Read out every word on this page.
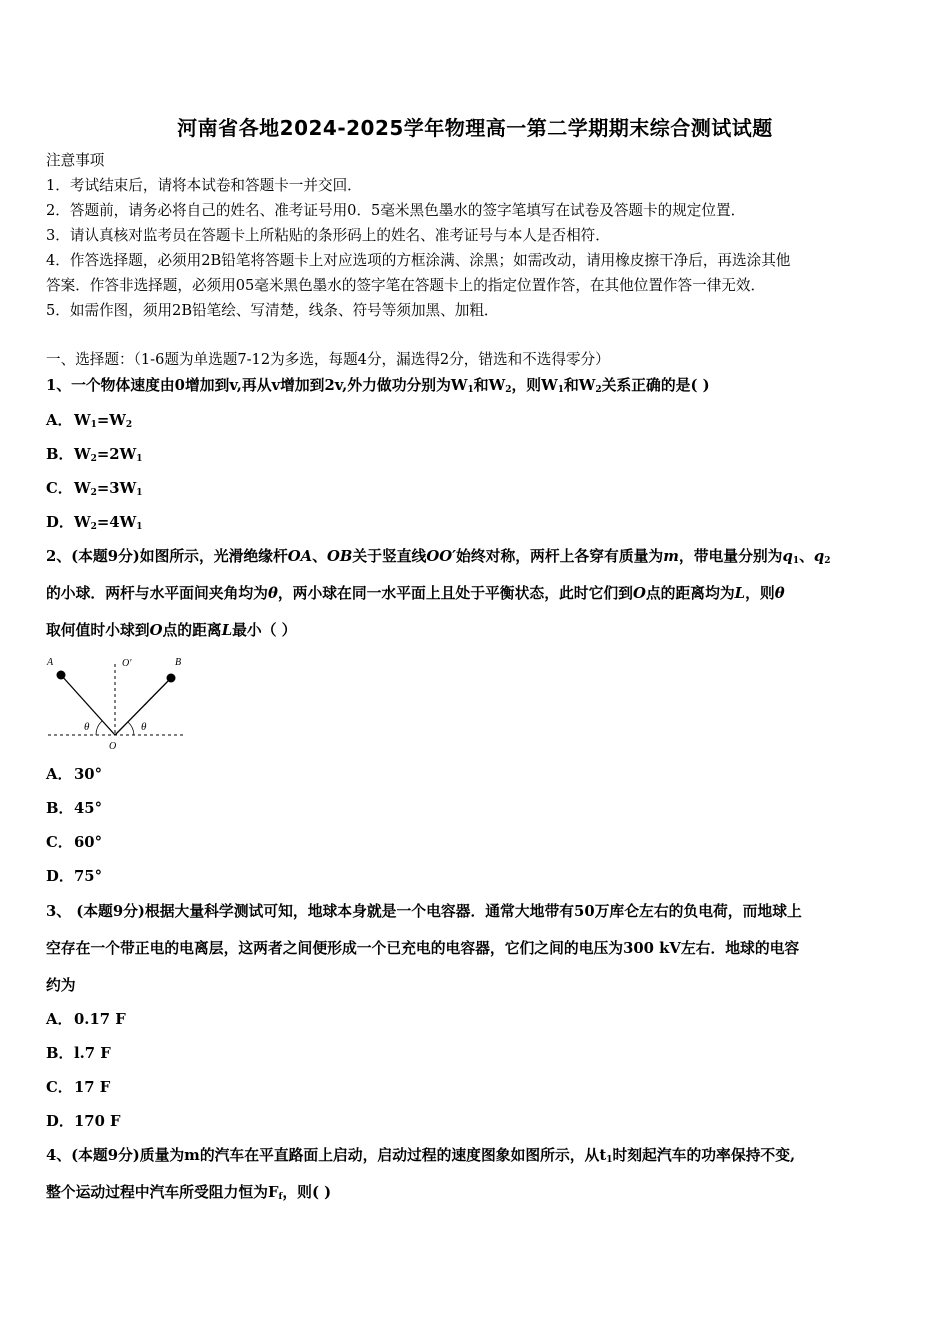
河南省各地2024-2025学年物理高一第二学期期末综合测试试题
注意事项
1．考试结束后，请将本试卷和答题卡一并交回．
2．答题前，请务必将自己的姓名、准考证号用0．5毫米黑色墨水的签字笔填写在试卷及答题卡的规定位置．
3．请认真核对监考员在答题卡上所粘贴的条形码上的姓名、准考证号与本人是否相符．
4．作答选择题，必须用2B铅笔将答题卡上对应选项的方框涂满、涂黑；如需改动，请用橡皮擦干净后，再选涂其他
答案．作答非选择题，必须用05毫米黑色墨水的签字笔在答题卡上的指定位置作答，在其他位置作答一律无效．
5．如需作图，须用2B铅笔绘、写清楚，线条、符号等须加黑、加粗．
一、选择题：（1-6题为单选题7-12为多选，每题4分，漏选得2分，错选和不选得零分）
1、一个物体速度由0增加到v,再从v增加到2v,外力做功分别为$W_1$和$W_2$，则$W_1$和$W_2$关系正确的是( )
A． $W_1=W_2$
B．$W_2=2W_1$
C．$W_2=3W_1$
D．$W_2=4W_1$
2、(本题9分)如图所示，光滑绝缘杆OA、OB关于竖直线OO′始终对称，两杆上各穿有质量为m，带电量分别为$q_1$、$q_2$
的小球．两杆与水平面间夹角均为θ，两小球在同一水平面上且处于平衡状态，此时它们到O点的距离均为L，则θ
取何值时小球到O点的距离L最小（ ）
A	B
O′
O
θ	θ
A． 30°
B．45°
C．60°
D．75°
3、 (本题9分)根据大量科学测试可知，地球本身就是一个电容器．通常大地带有50万库仑左右的负电荷，而地球上
空存在一个带正电的电离层，这两者之间便形成一个已充电的电容器，它们之间的电压为300 kV左右．地球的电容
约为
A． 0.17 F
B．l.7 F
C．17 F
D．170 F
4、(本题9分)质量为m的汽车在平直路面上启动，启动过程的速度图象如图所示，从$t_1$时刻起汽车的功率保持不变,
整个运动过程中汽车所受阻力恒为$F_f$，则( )
